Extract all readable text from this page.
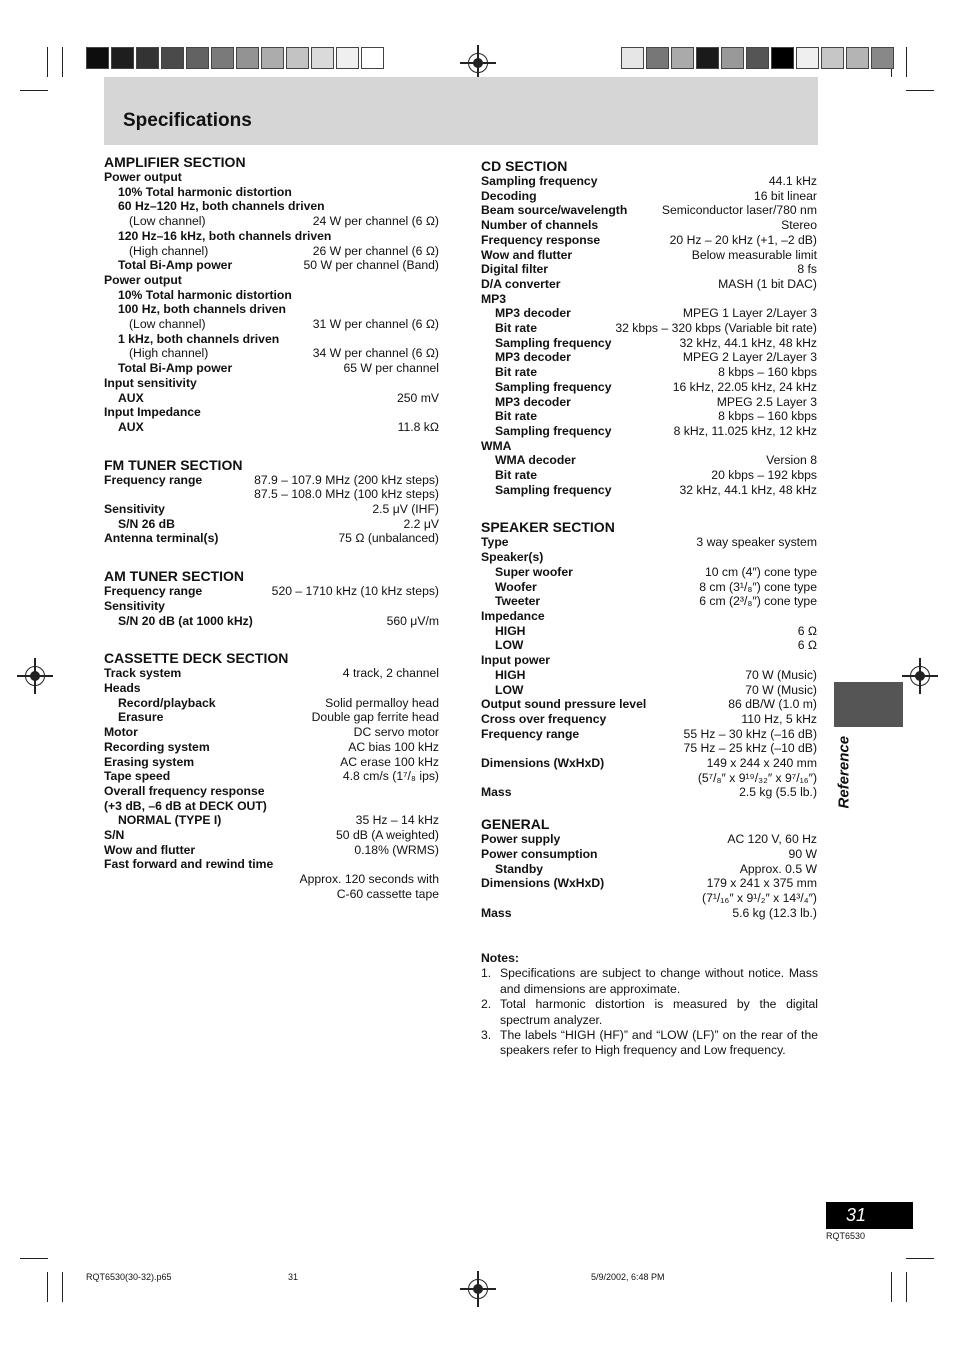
Specifications
AMPLIFIER SECTION
Power output
10% Total harmonic distortion
60 Hz–120 Hz, both channels driven
(Low channel)	24 W per channel (6 Ω)
120 Hz–16 kHz, both channels driven
(High channel)	26 W per channel (6 Ω)
Total Bi-Amp power	50 W per channel (Band)
Power output
10% Total harmonic distortion
100 Hz, both channels driven
(Low channel)	31 W per channel (6 Ω)
1 kHz, both channels driven
(High channel)	34 W per channel (6 Ω)
Total Bi-Amp power	65 W per channel
Input sensitivity
AUX	250 mV
Input Impedance
AUX	11.8 kΩ
FM TUNER SECTION
Frequency range	87.9 – 107.9 MHz (200 kHz steps)
87.5 – 108.0 MHz (100 kHz steps)
Sensitivity	2.5 μV (IHF)
S/N 26 dB	2.2 μV
Antenna terminal(s)	75 Ω (unbalanced)
AM TUNER SECTION
Frequency range	520 – 1710 kHz (10 kHz steps)
Sensitivity
S/N 20 dB (at 1000 kHz)	560 μV/m
CASSETTE DECK SECTION
Track system	4 track, 2 channel
Heads
Record/playback	Solid permalloy head
Erasure	Double gap ferrite head
Motor	DC servo motor
Recording system	AC bias 100 kHz
Erasing system	AC erase 100 kHz
Tape speed	4.8 cm/s (1⁷/₈ ips)
Overall frequency response
(+3 dB, –6 dB at DECK OUT)
NORMAL (TYPE I)	35 Hz – 14 kHz
S/N	50 dB (A weighted)
Wow and flutter	0.18% (WRMS)
Fast forward and rewind time
Approx. 120 seconds with
C-60 cassette tape
CD SECTION
Sampling frequency	44.1 kHz
Decoding	16 bit linear
Beam source/wavelength	Semiconductor laser/780 nm
Number of channels	Stereo
Frequency response	20 Hz – 20 kHz (+1, –2 dB)
Wow and flutter	Below measurable limit
Digital filter	8 fs
D/A converter	MASH (1 bit DAC)
MP3
MP3 decoder	MPEG 1 Layer 2/Layer 3
Bit rate	32 kbps – 320 kbps (Variable bit rate)
Sampling frequency	32 kHz, 44.1 kHz, 48 kHz
MP3 decoder	MPEG 2 Layer 2/Layer 3
Bit rate	8 kbps – 160 kbps
Sampling frequency	16 kHz, 22.05 kHz, 24 kHz
MP3 decoder	MPEG 2.5 Layer 3
Bit rate	8 kbps – 160 kbps
Sampling frequency	8 kHz, 11.025 kHz, 12 kHz
WMA
WMA decoder	Version 8
Bit rate	20 kbps – 192 kbps
Sampling frequency	32 kHz, 44.1 kHz, 48 kHz
SPEAKER SECTION
Type	3 way speaker system
Speaker(s)
Super woofer	10 cm (4″) cone type
Woofer	8 cm (3¹/₈″) cone type
Tweeter	6 cm (2³/₈″) cone type
Impedance
HIGH	6 Ω
LOW	6 Ω
Input power
HIGH	70 W (Music)
LOW	70 W (Music)
Output sound pressure level	86 dB/W (1.0 m)
Cross over frequency	110 Hz, 5 kHz
Frequency range	55 Hz – 30 kHz (–16 dB)
75 Hz – 25 kHz (–10 dB)
Dimensions (WxHxD)	149 x 244 x 240 mm
(5⁷/₈″ x 9¹⁹/₃₂″ x 9⁷/₁₆″)
Mass	2.5 kg (5.5 lb.)
GENERAL
Power supply	AC 120 V, 60 Hz
Power consumption	90 W
Standby	Approx. 0.5 W
Dimensions (WxHxD)	179 x 241 x 375 mm
(7¹/₁₆″ x 9¹/₂″ x 14³/₄″)
Mass	5.6 kg (12.3 lb.)
Notes:
1. Specifications are subject to change without notice. Mass and dimensions are approximate.
2. Total harmonic distortion is measured by the digital spectrum analyzer.
3. The labels “HIGH (HF)” and “LOW (LF)” on the rear of the speakers refer to High frequency and Low frequency.
Reference
31
RQT6530
RQT6530(30-32).p65	31	5/9/2002, 6:48 PM
